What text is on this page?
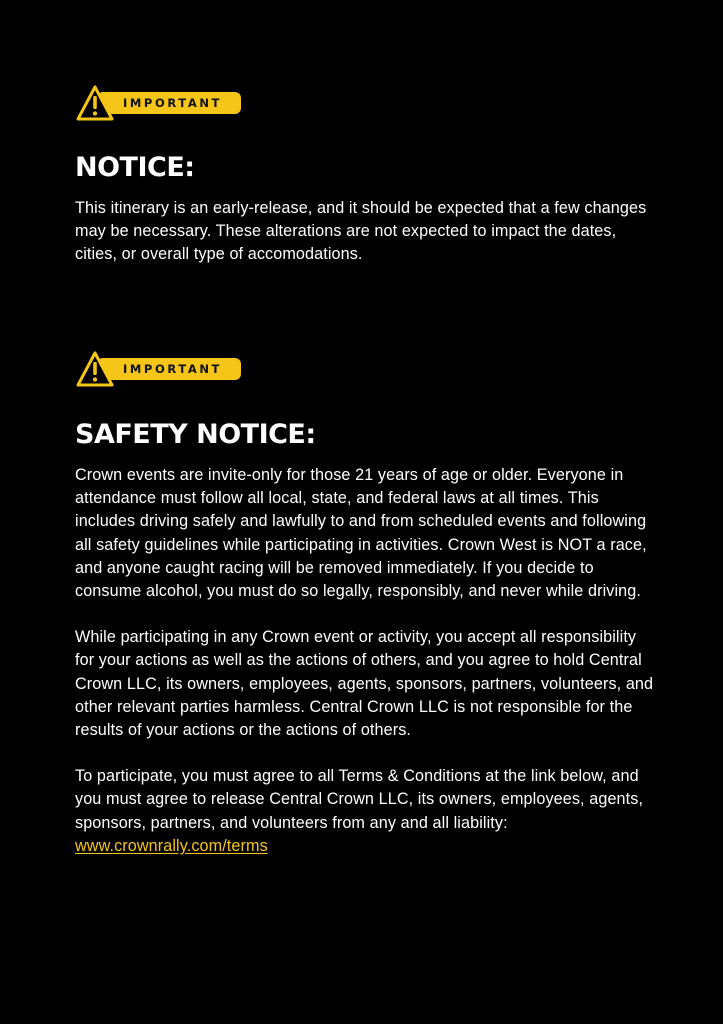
IMPORTANT
NOTICE:

This itinerary is an early-release, and it should be expected that a few changes may be necessary. These alterations are not expected to impact the dates, cities, or overall type of accomodations.

IMPORTANT
SAFETY NOTICE:

Crown events are invite-only for those 21 years of age or older. Everyone in attendance must follow all local, state, and federal laws at all times. This includes driving safely and lawfully to and from scheduled events and following all safety guidelines while participating in activities. Crown West is NOT a race, and anyone caught racing will be removed immediately. If you decide to consume alcohol, you must do so legally, responsibly, and never while driving.

While participating in any Crown event or activity, you accept all responsibility for your actions as well as the actions of others, and you agree to hold Central Crown LLC, its owners, employees, agents, sponsors, partners, volunteers, and other relevant parties harmless. Central Crown LLC is not responsible for the results of your actions or the actions of others.

To participate, you must agree to all Terms & Conditions at the link below, and you must agree to release Central Crown LLC, its owners, employees, agents, sponsors, partners, and volunteers from any and all liability: www.crownrally.com/terms
